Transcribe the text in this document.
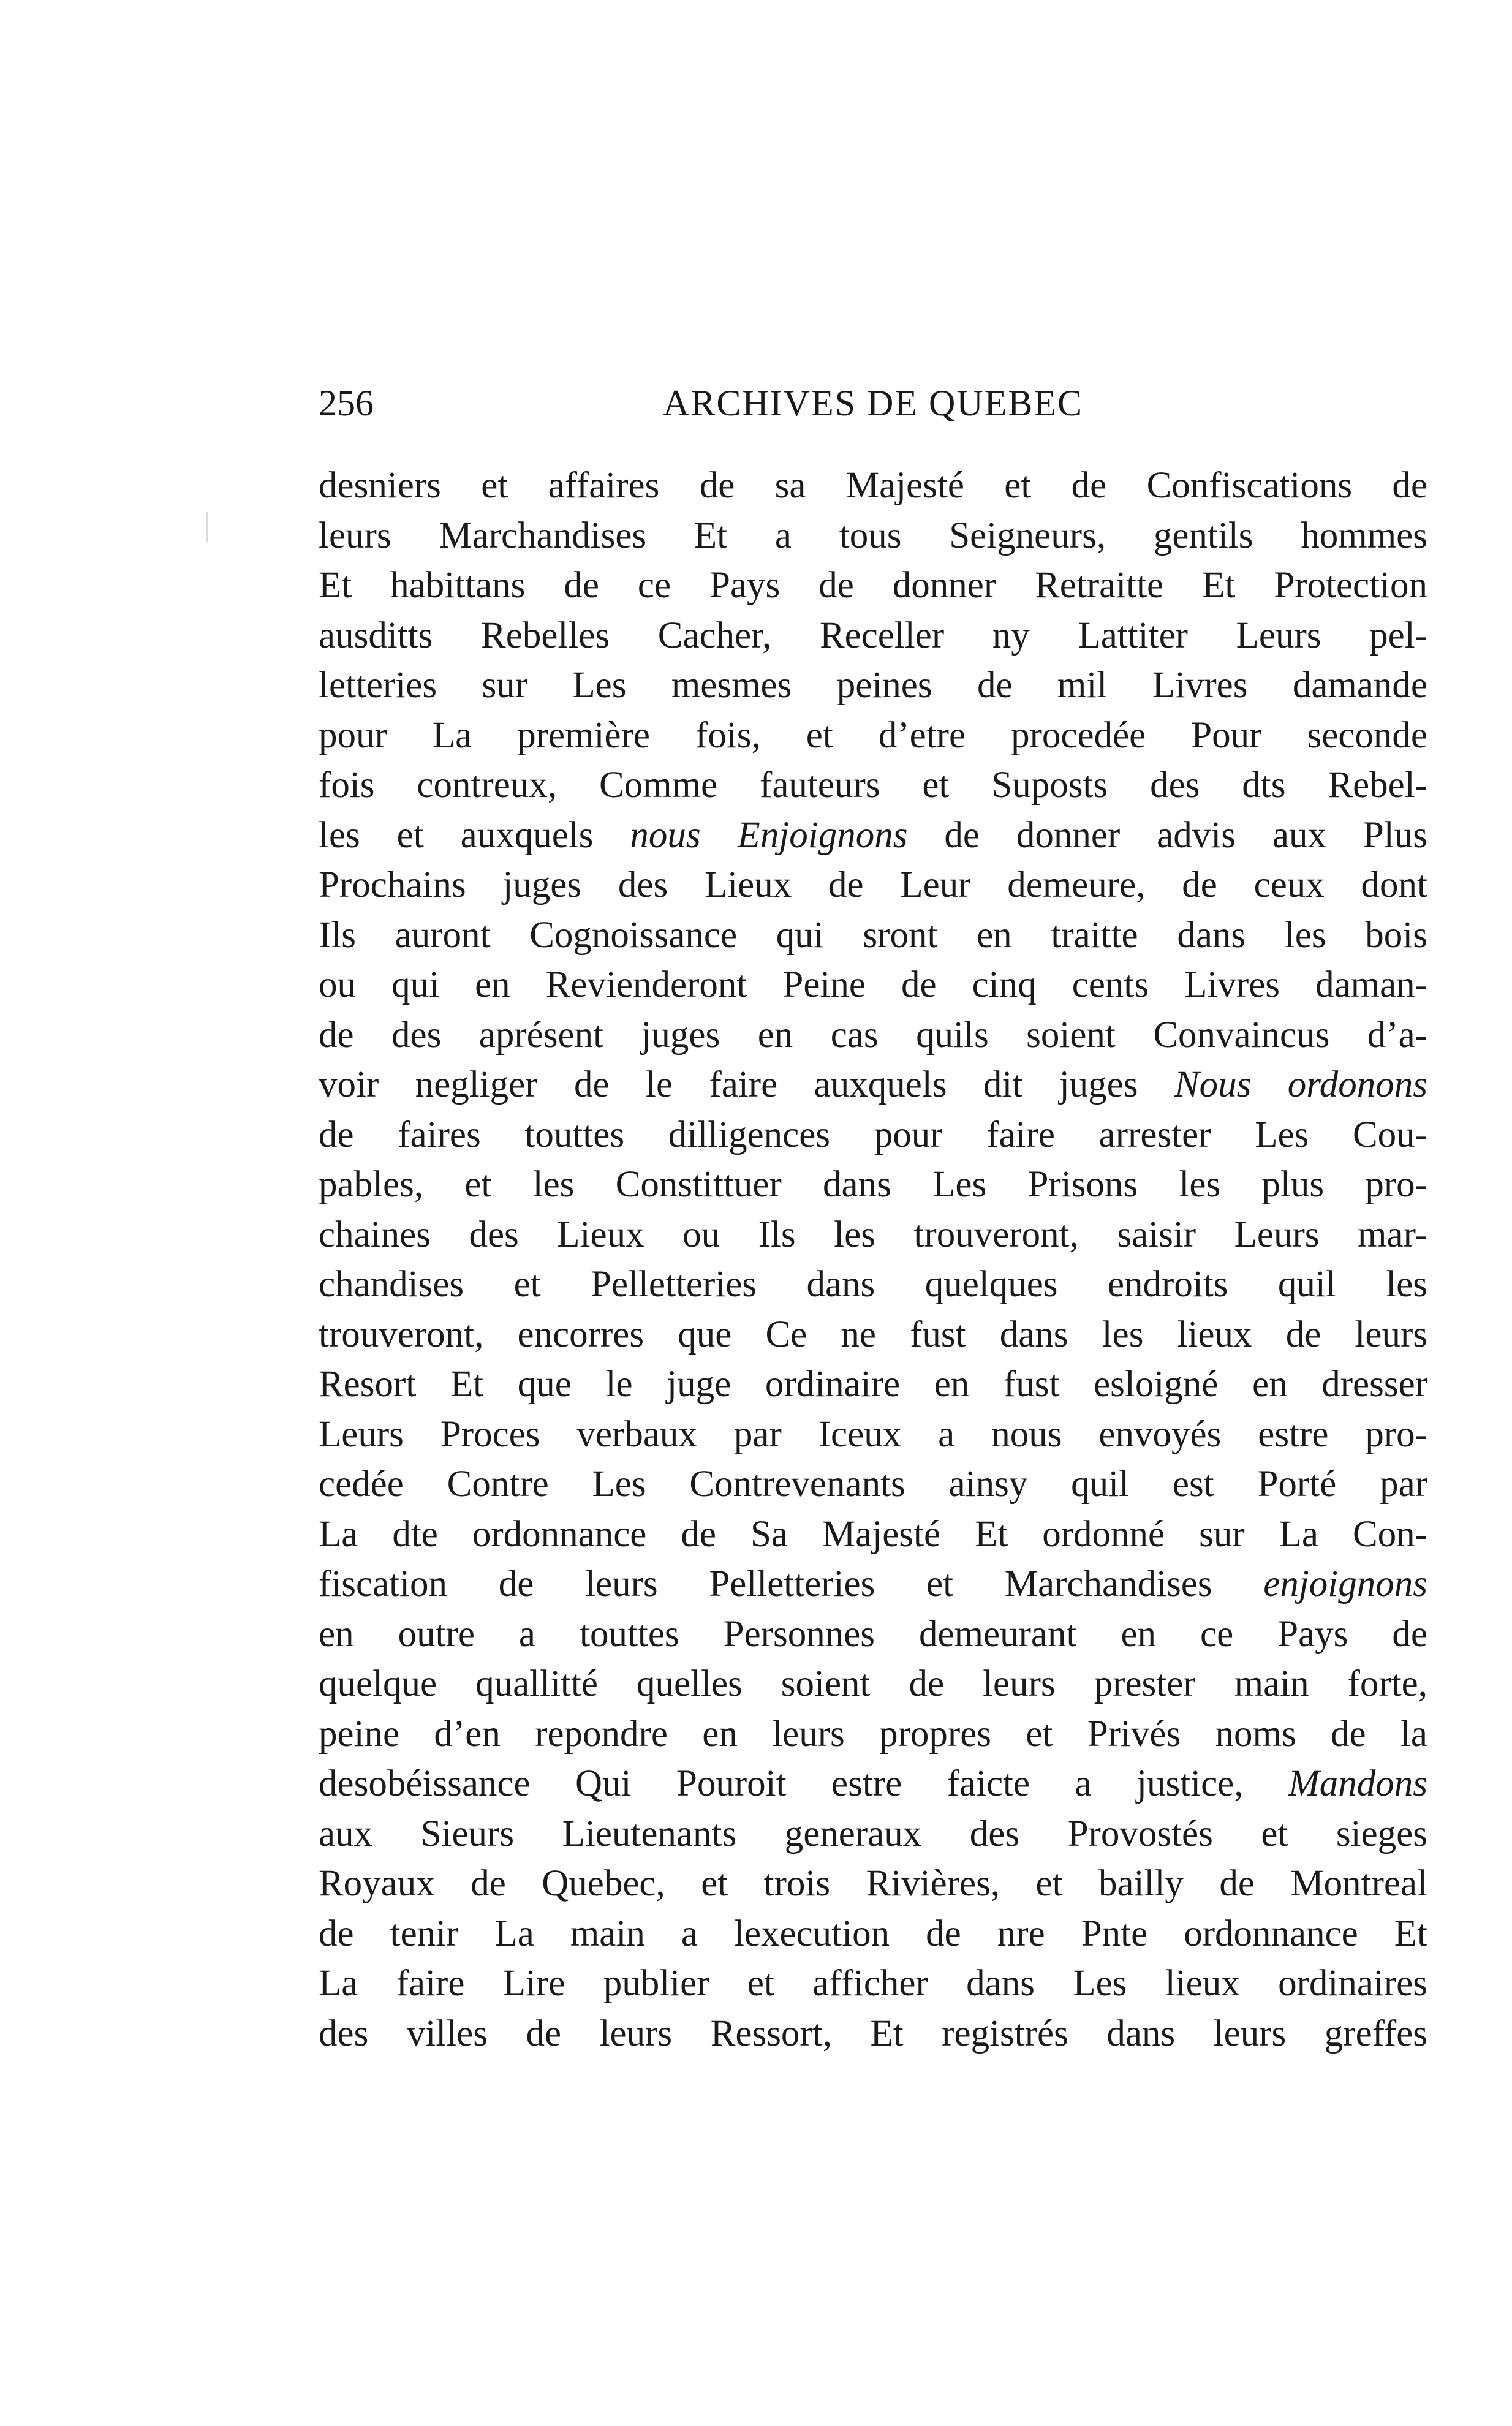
256	ARCHIVES DE QUEBEC
desniers et affaires de sa Majesté et de Confiscations de
leurs Marchandises Et a tous Seigneurs, gentils hommes
Et habittans de ce Pays de donner Retraitte Et Protection
ausditts Rebelles Cacher, Receller ny Lattiter Leurs pel-
letteries sur Les mesmes peines de mil Livres damande
pour La première fois, et d’etre procedée Pour seconde
fois contreux, Comme fauteurs et Suposts des dts Rebel-
les et auxquels nous Enjoignons de donner advis aux Plus
Prochains juges des Lieux de Leur demeure, de ceux dont
Ils auront Cognoissance qui sront en traitte dans les bois
ou qui en Revienderont Peine de cinq cents Livres daman-
de des aprésent juges en cas quils soient Convaincus d’a-
voir negliger de le faire auxquels dit juges Nous ordonons
de faires touttes dilligences pour faire arrester Les Cou-
pables, et les Constittuer dans Les Prisons les plus pro-
chaines des Lieux ou Ils les trouveront, saisir Leurs mar-
chandises et Pelletteries dans quelques endroits quil les
trouveront, encorres que Ce ne fust dans les lieux de leurs
Resort Et que le juge ordinaire en fust esloigné en dresser
Leurs Proces verbaux par Iceux a nous envoyés estre pro-
cedée Contre Les Contrevenants ainsy quil est Porté par
La dte ordonnance de Sa Majesté Et ordonné sur La Con-
fiscation de leurs Pelletteries et Marchandises enjoignons
en outre a touttes Personnes demeurant en ce Pays de
quelque quallitté quelles soient de leurs prester main forte,
peine d’en repondre en leurs propres et Privés noms de la
desobéissance Qui Pouroit estre faicte a justice, Mandons
aux Sieurs Lieutenants generaux des Provostés et sieges
Royaux de Quebec, et trois Rivières, et bailly de Montreal
de tenir La main a lexecution de nre Pnte ordonnance Et
La faire Lire publier et afficher dans Les lieux ordinaires
des villes de leurs Ressort, Et registrés dans leurs greffes
